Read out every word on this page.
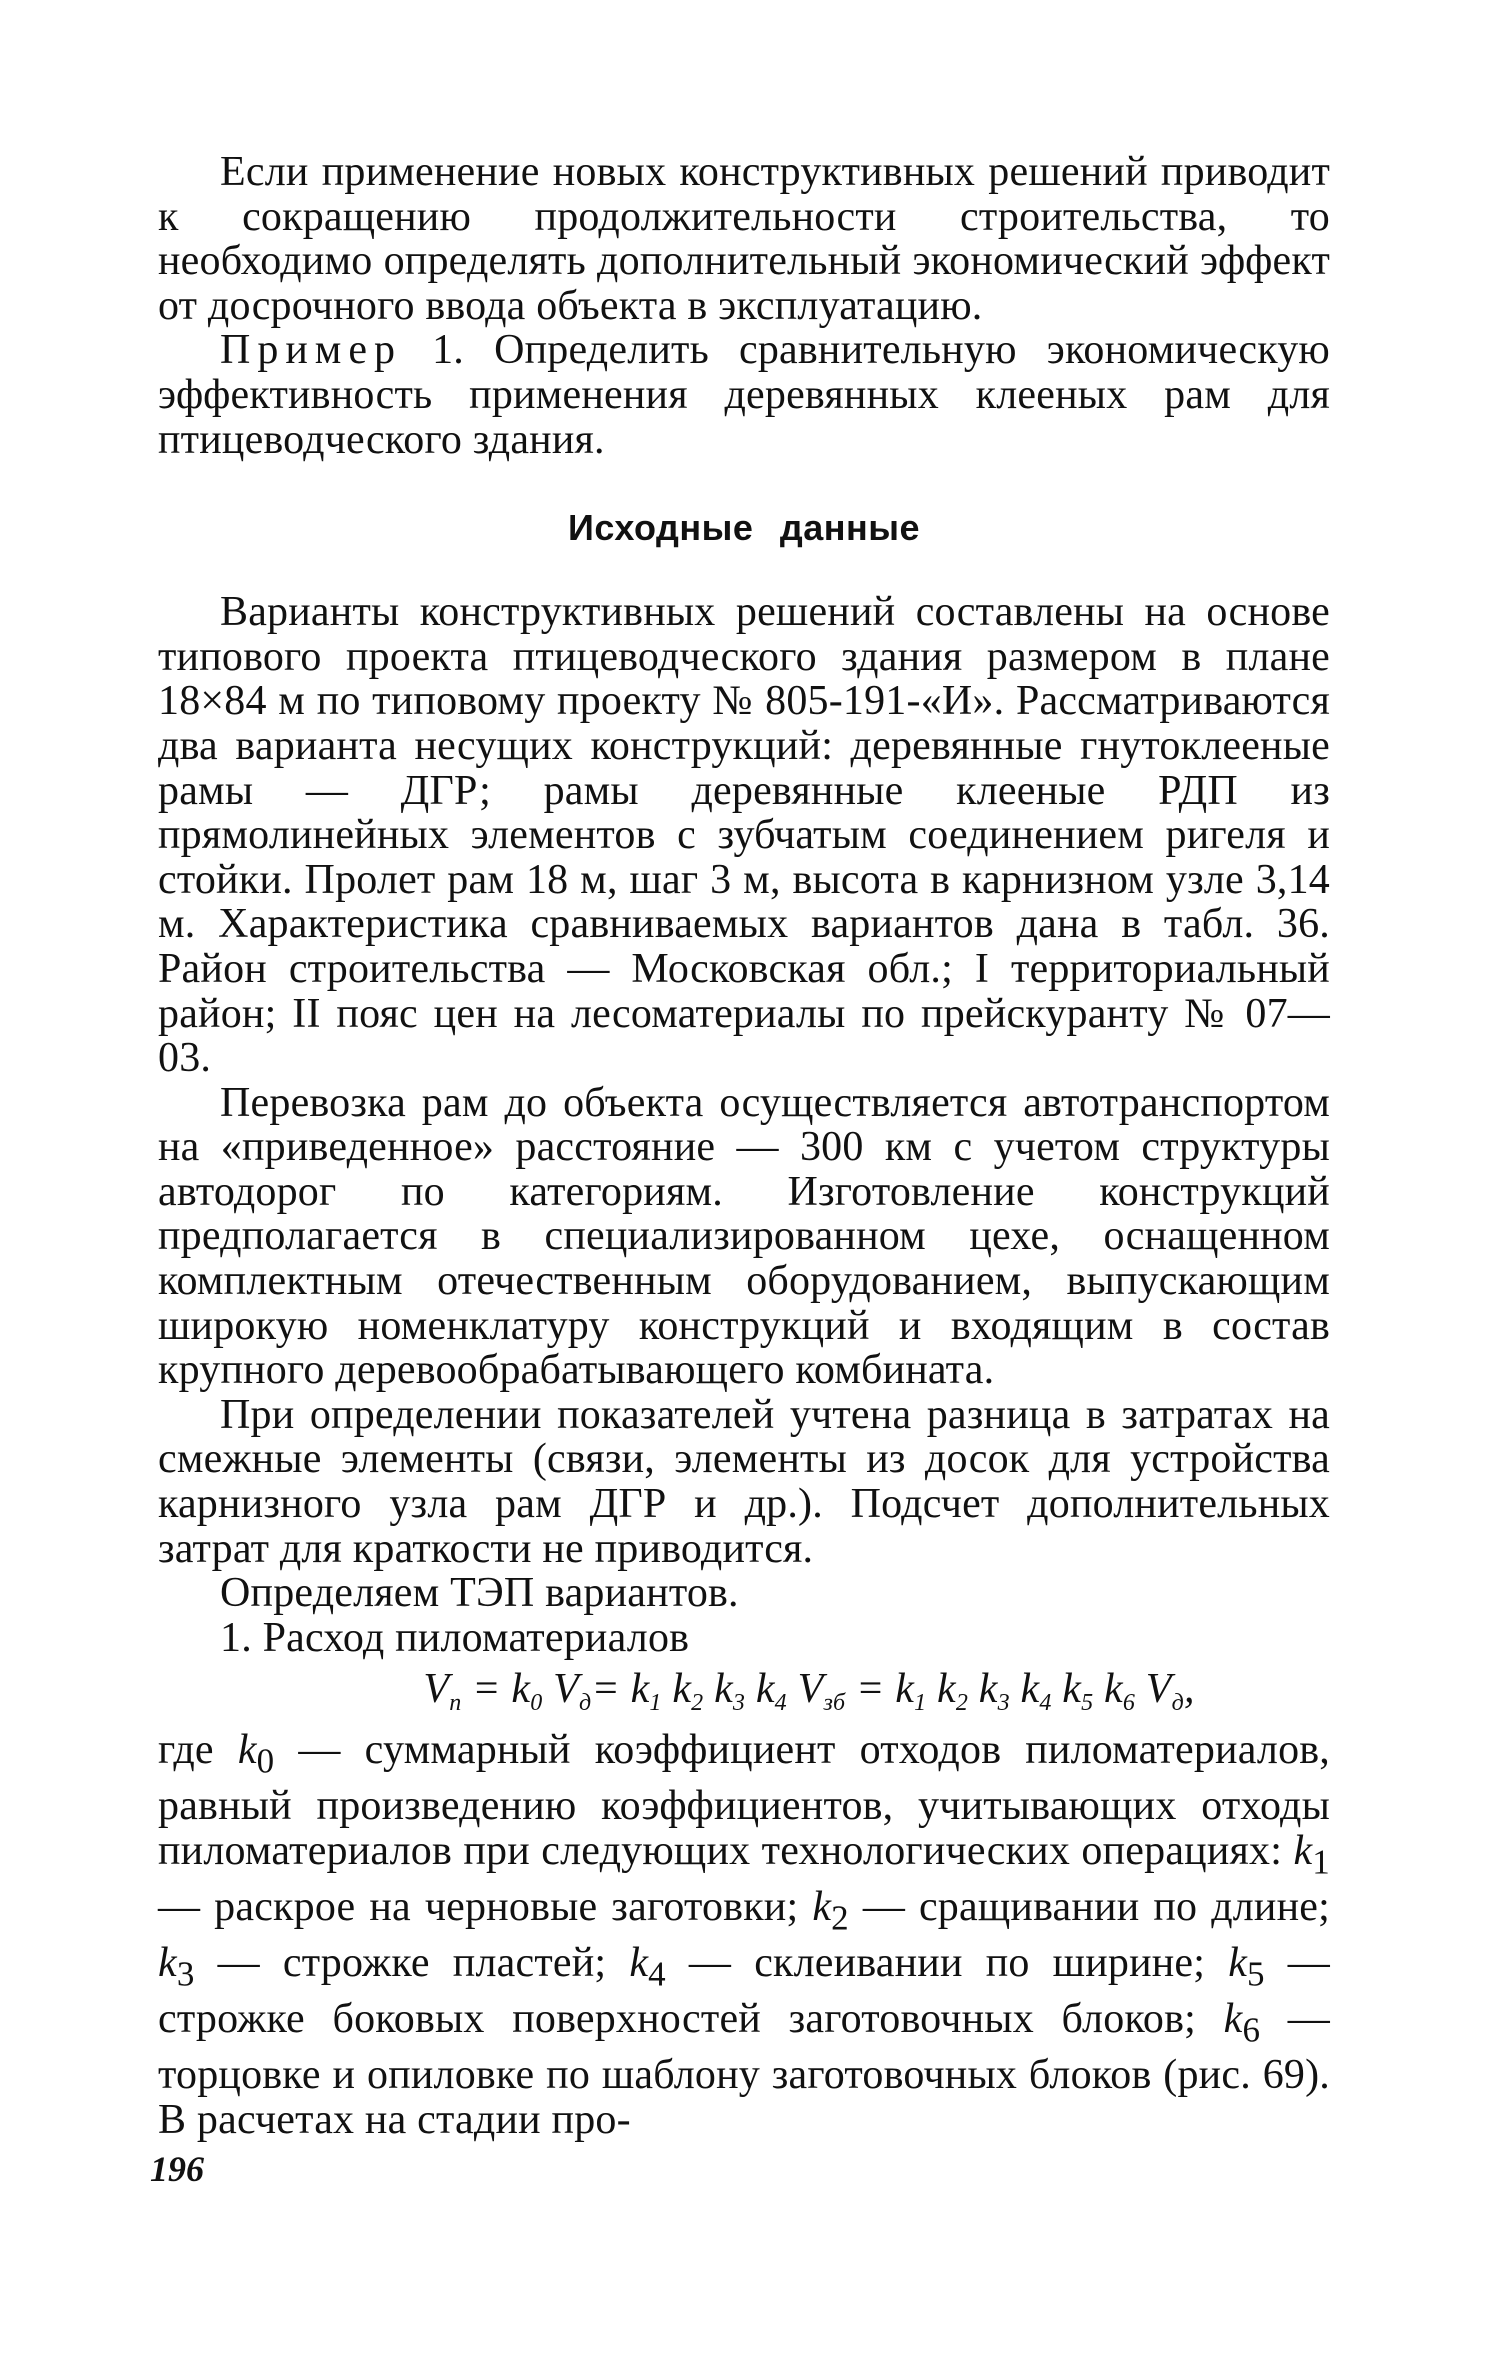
Если применение новых конструктивных решений приводит к сокращению продолжительности строительства, то необходимо определять дополнительный экономический эффект от досрочного ввода объекта в эксплуатацию.

Пример 1. Определить сравнительную экономическую эффективность применения деревянных клееных рам для птицеводческого здания.

Исходные данные

Варианты конструктивных решений составлены на основе типового проекта птицеводческого здания размером в плане 18×84 м по типовому проекту № 805-191-«И». Рассматриваются два варианта несущих конструкций: деревянные гнутоклееные рамы — ДГР; рамы деревянные клееные РДП из прямолинейных элементов с зубчатым соединением ригеля и стойки. Пролет рам 18 м, шаг 3 м, высота в карнизном узле 3,14 м. Характеристика сравниваемых вариантов дана в табл. 36. Район строительства — Московская обл.; I территориальный район; II пояс цен на лесоматериалы по прейскуранту № 07—03.

Перевозка рам до объекта осуществляется автотранспортом на «приведенное» расстояние — 300 км с учетом структуры автодорог по категориям. Изготовление конструкций предполагается в специализированном цехе, оснащенном комплектным отечественным оборудованием, выпускающим широкую номенклатуру конструкций и входящим в состав крупного деревообрабатывающего комбината.

При определении показателей учтена разница в затратах на смежные элементы (связи, элементы из досок для устройства карнизного узла рам ДГР и др.). Подсчет дополнительных затрат для краткости не приводится.

Определяем ТЭП вариантов.

1. Расход пиломатериалов

$V_п = k_0$ $V_д= k_1$ $k_2$ $k_3$ $k_4$ $V_{зб} = k_1$ $k_2$ $k_3$ $k_4$ $k_5$ $k_6$ $V_д$,

где $k_0$ — суммарный коэффициент отходов пиломатериалов, равный произведению коэффициентов, учитывающих отходы пиломатериалов при следующих технологических операциях: $k_1$ — раскрое на черновые заготовки; $k_2$ — сращивании по длине; $k_3$ — строжке пластей; $k_4$ — склеивании по ширине; $k_5$ — строжке боковых поверхностей заготовочных блоков; $k_6$ — торцовке и опиловке по шаблону заготовочных блоков (рис. 69). В расчетах на стадии про-

196
